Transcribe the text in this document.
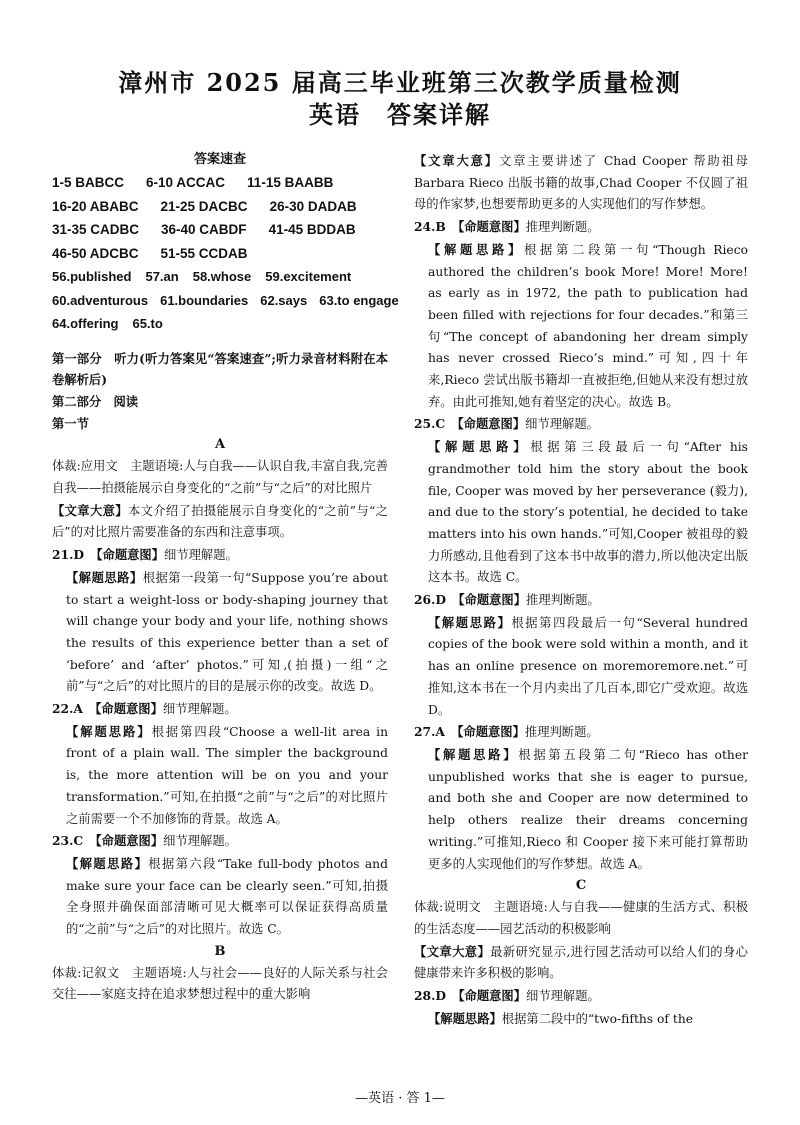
漳州市 2025 届高三毕业班第三次教学质量检测
英语　答案详解
答案速查
1-5 BABCC 6-10 ACCAC 11-15 BAABB
16-20 ABABC 21-25 DACBC 26-30 DADAB
31-35 CADBC 36-40 CABDF 41-45 BDDAB
46-50 ADCBC 51-55 CCDAB
56.published 57.an 58.whose 59.excitement
60.adventurous 61.boundaries 62.says 63.to engage
64.offering 65.to

第一部分　听力(听力答案见“答案速查”;听力录音材料附在本卷解析后)

第二部分　阅读

第一节

A

体裁:应用文　主题语境:人与自我——认识自我,丰富自我,完善自我——拍摄能展示自身变化的“之前”与“之后”的对比照片

【文章大意】本文介绍了拍摄能展示自身变化的“之前”与“之后”的对比照片需要准备的东西和注意事项。

21.D　 【命题意图】细节理解题。

【解题思路】根据第一段第一句“Suppose you’re about to start a weight-loss or body-shaping journey that will change your body and your life, nothing shows the results of this experience better than a set of ‘before’ and ‘after’ photos.”可知,(拍摄)一组“之前”与“之后”的对比照片的目的是展示你的改变。故选 D。

22.A　 【命题意图】细节理解题。

【解题思路】根据第四段“Choose a well-lit area in front of a plain wall. The simpler the background is, the more attention will be on you and your transformation.”可知,在拍摄“之前”与“之后”的对比照片之前需要一个不加修饰的背景。故选 A。

23.C　 【命题意图】细节理解题。

【解题思路】根据第六段“Take full-body photos and make sure your face can be clearly seen.”可知,拍摄全身照并确保面部清晰可见大概率可以保证获得高质量的“之前”与“之后”的对比照片。故选 C。

B

体裁:记叙文　主题语境:人与社会——良好的人际关系与社会交往——家庭支持在追求梦想过程中的重大影响

【文章大意】文章主要讲述了 Chad Cooper 帮助祖母 Barbara Rieco 出版书籍的故事,Chad Cooper 不仅圆了祖母的作家梦,也想要帮助更多的人实现他们的写作梦想。

24.B　 【命题意图】推理判断题。

【解题思路】根据第二段第一句“Though Rieco authored the children’s book More! More! More! as early as in 1972, the path to publication had been filled with rejections for four decades.”和第三句“The concept of abandoning her dream simply has never crossed Rieco’s mind.”可知,四十年来,Rieco 尝试出版书籍却一直被拒绝,但她从来没有想过放弃。由此可推知,她有着坚定的决心。故选 B。

25.C　 【命题意图】细节理解题。

【解题思路】根据第三段最后一句“After his grandmother told him the story about the book file, Cooper was moved by her perseverance (毅力), and due to the story’s potential, he decided to take matters into his own hands.”可知,Cooper 被祖母的毅力所感动,且他看到了这本书中故事的潜力,所以他决定出版这本书。故选 C。

26.D　 【命题意图】推理判断题。

【解题思路】根据第四段最后一句“Several hundred copies of the book were sold within a month, and it has an online presence on moremoremore.net.”可推知,这本书在一个月内卖出了几百本,即它广受欢迎。故选 D。

27.A　 【命题意图】推理判断题。

【解题思路】根据第五段第二句“Rieco has other unpublished works that she is eager to pursue, and both she and Cooper are now determined to help others realize their dreams concerning writing.”可推知,Rieco 和 Cooper 接下来可能打算帮助更多的人实现他们的写作梦想。故选 A。

C

体裁:说明文　主题语境:人与自我——健康的生活方式、积极的生活态度——园艺活动的积极影响

【文章大意】最新研究显示,进行园艺活动可以给人们的身心健康带来许多积极的影响。

28.D　 【命题意图】细节理解题。

【解题思路】根据第二段中的“two-fifths of the

—英语 · 答 1—
